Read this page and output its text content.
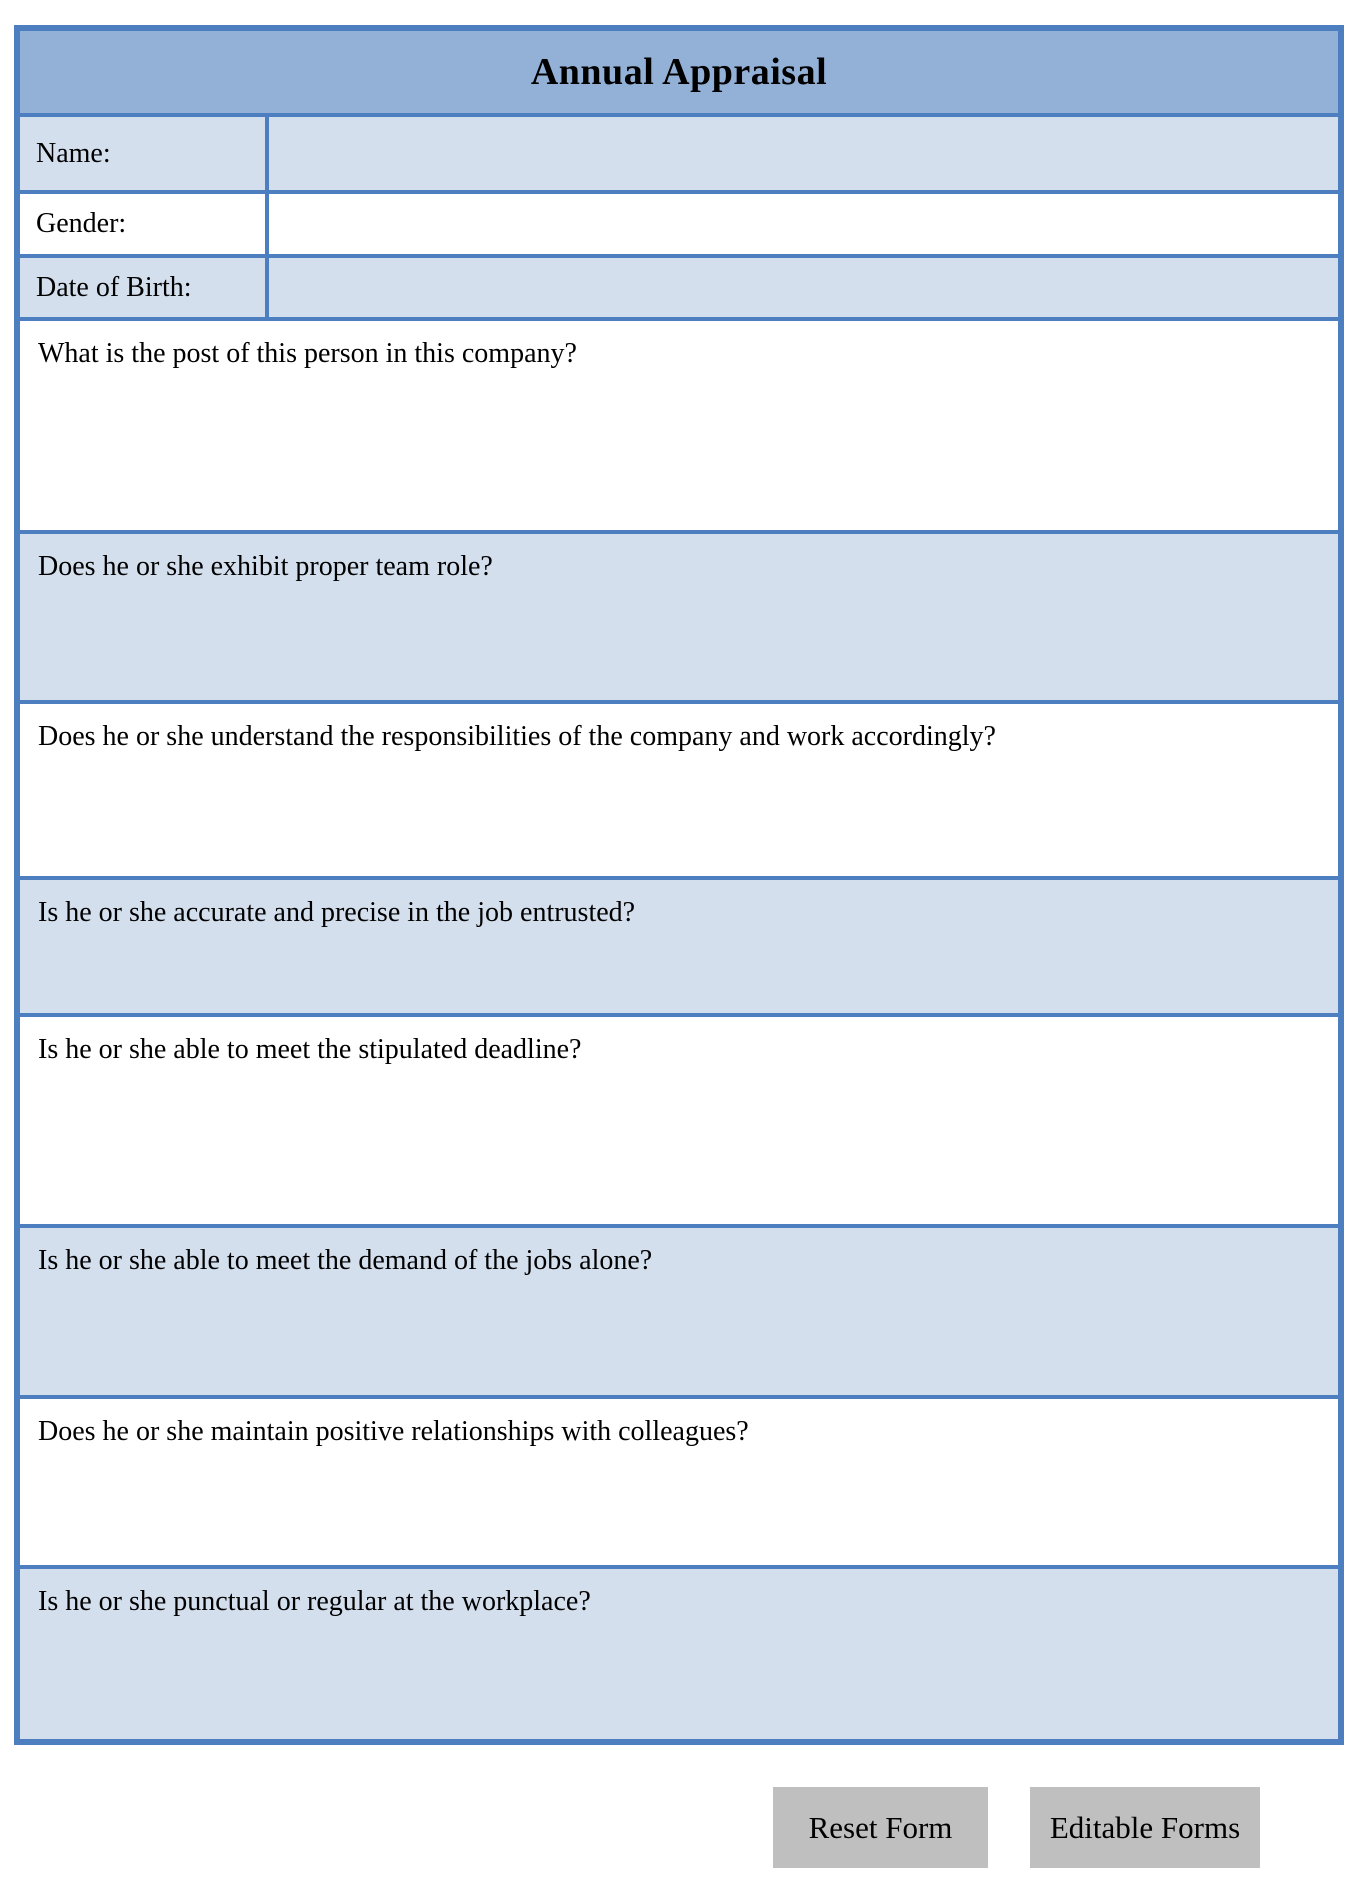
Annual Appraisal
Name:
Gender:
Date of Birth:
What is the post of this person in this company?
Does he or she exhibit proper team role?
Does he or she understand the responsibilities of the company and work accordingly?
Is he or she accurate and precise in the job entrusted?
Is he or she able to meet the stipulated deadline?
Is he or she able to meet the demand of the jobs alone?
Does he or she maintain positive relationships with colleagues?
Is he or she punctual or regular at the workplace?
Reset Form	Editable Forms
